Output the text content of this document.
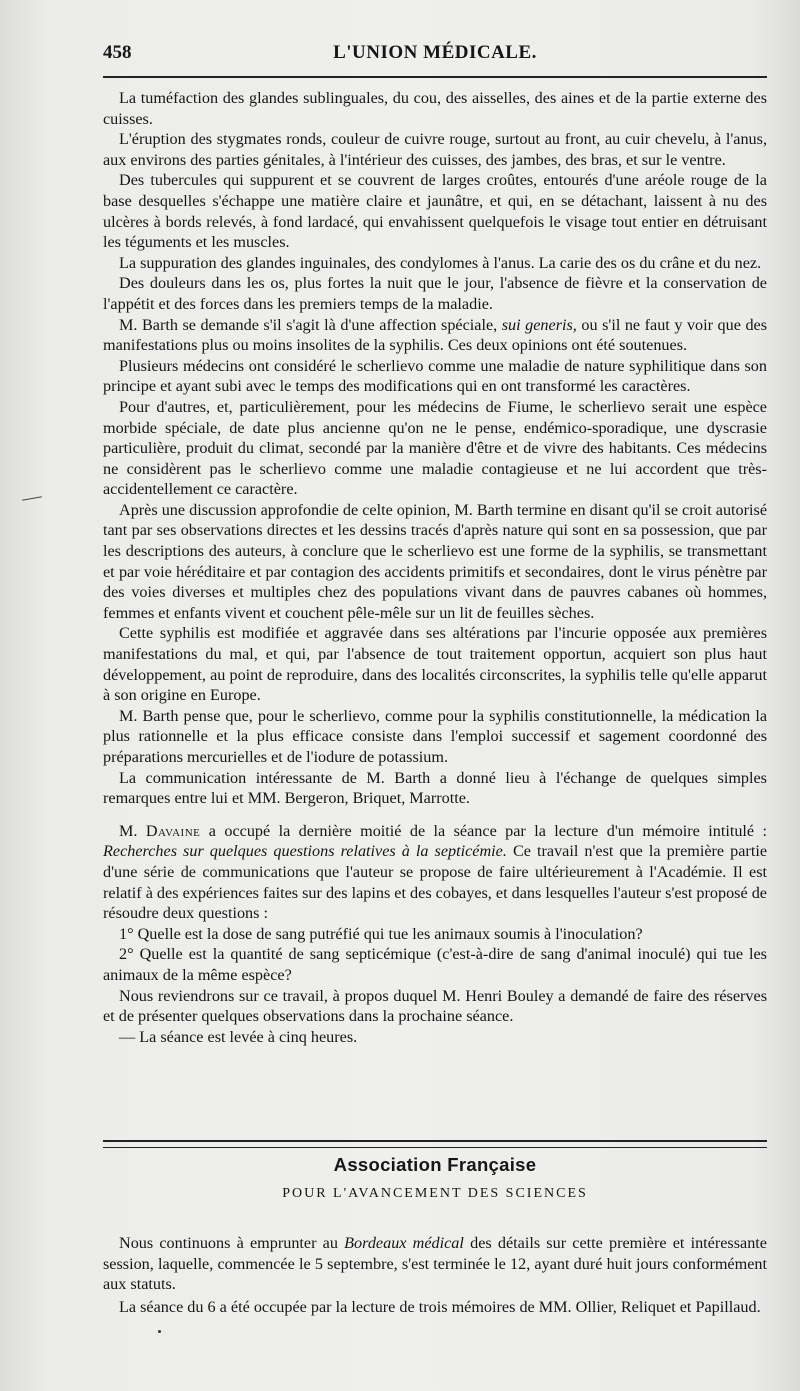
458	L'UNION MÉDICALE.

La tuméfaction des glandes sublinguales, du cou, des aisselles, des aines et de la partie externe des cuisses.

L'éruption des stygmates ronds, couleur de cuivre rouge, surtout au front, au cuir chevelu, à l'anus, aux environs des parties génitales, à l'intérieur des cuisses, des jambes, des bras, et sur le ventre.

Des tubercules qui suppurent et se couvrent de larges croûtes, entourés d'une aréole rouge de la base desquelles s'échappe une matière claire et jaunâtre, et qui, en se détachant, laissent à nu des ulcères à bords relevés, à fond lardacé, qui envahissent quelquefois le visage tout entier en détruisant les téguments et les muscles.

La suppuration des glandes inguinales, des condylomes à l'anus. La carie des os du crâne et du nez.

Des douleurs dans les os, plus fortes la nuit que le jour, l'absence de fièvre et la conservation de l'appétit et des forces dans les premiers temps de la maladie.

M. Barth se demande s'il s'agit là d'une affection spéciale, sui generis, ou s'il ne faut y voir que des manifestations plus ou moins insolites de la syphilis. Ces deux opinions ont été soutenues.

Plusieurs médecins ont considéré le scherlievo comme une maladie de nature syphilitique dans son principe et ayant subi avec le temps des modifications qui en ont transformé les caractères.

Pour d'autres, et, particulièrement, pour les médecins de Fiume, le scherlievo serait une espèce morbide spéciale, de date plus ancienne qu'on ne le pense, endémico-sporadique, une dyscrasie particulière, produit du climat, secondé par la manière d'être et de vivre des habitants. Ces médecins ne considèrent pas le scherlievo comme une maladie contagieuse et ne lui accordent que très-accidentellement ce caractère.

Après une discussion approfondie de celte opinion, M. Barth termine en disant qu'il se croit autorisé tant par ses observations directes et les dessins tracés d'après nature qui sont en sa possession, que par les descriptions des auteurs, à conclure que le scherlievo est une forme de la syphilis, se transmettant et par voie héréditaire et par contagion des accidents primitifs et secondaires, dont le virus pénètre par des voies diverses et multiples chez des populations vivant dans de pauvres cabanes où hommes, femmes et enfants vivent et couchent pêle-mêle sur un lit de feuilles sèches.

Cette syphilis est modifiée et aggravée dans ses altérations par l'incurie opposée aux premières manifestations du mal, et qui, par l'absence de tout traitement opportun, acquiert son plus haut développement, au point de reproduire, dans des localités circonscrites, la syphilis telle qu'elle apparut à son origine en Europe.

M. Barth pense que, pour le scherlievo, comme pour la syphilis constitutionnelle, la médication la plus rationnelle et la plus efficace consiste dans l'emploi successif et sagement coordonné des préparations mercurielles et de l'iodure de potassium.

La communication intéressante de M. Barth a donné lieu à l'échange de quelques simples remarques entre lui et MM. Bergeron, Briquet, Marrotte.

M. Davaine a occupé la dernière moitié de la séance par la lecture d'un mémoire intitulé : Recherches sur quelques questions relatives à la septicémie. Ce travail n'est que la première partie d'une série de communications que l'auteur se propose de faire ultérieurement à l'Académie. Il est relatif à des expériences faites sur des lapins et des cobayes, et dans lesquelles l'auteur s'est proposé de résoudre deux questions :

1° Quelle est la dose de sang putréfié qui tue les animaux soumis à l'inoculation?

2° Quelle est la quantité de sang septicémique (c'est-à-dire de sang d'animal inoculé) qui tue les animaux de la même espèce?

Nous reviendrons sur ce travail, à propos duquel M. Henri Bouley a demandé de faire des réserves et de présenter quelques observations dans la prochaine séance.

— La séance est levée à cinq heures.

Association Française
POUR L'AVANCEMENT DES SCIENCES

Nous continuons à emprunter au Bordeaux médical des détails sur cette première et intéressante session, laquelle, commencée le 5 septembre, s'est terminée le 12, ayant duré huit jours conformément aux statuts.

La séance du 6 a été occupée par la lecture de trois mémoires de MM. Ollier, Reliquet et Papillaud.
